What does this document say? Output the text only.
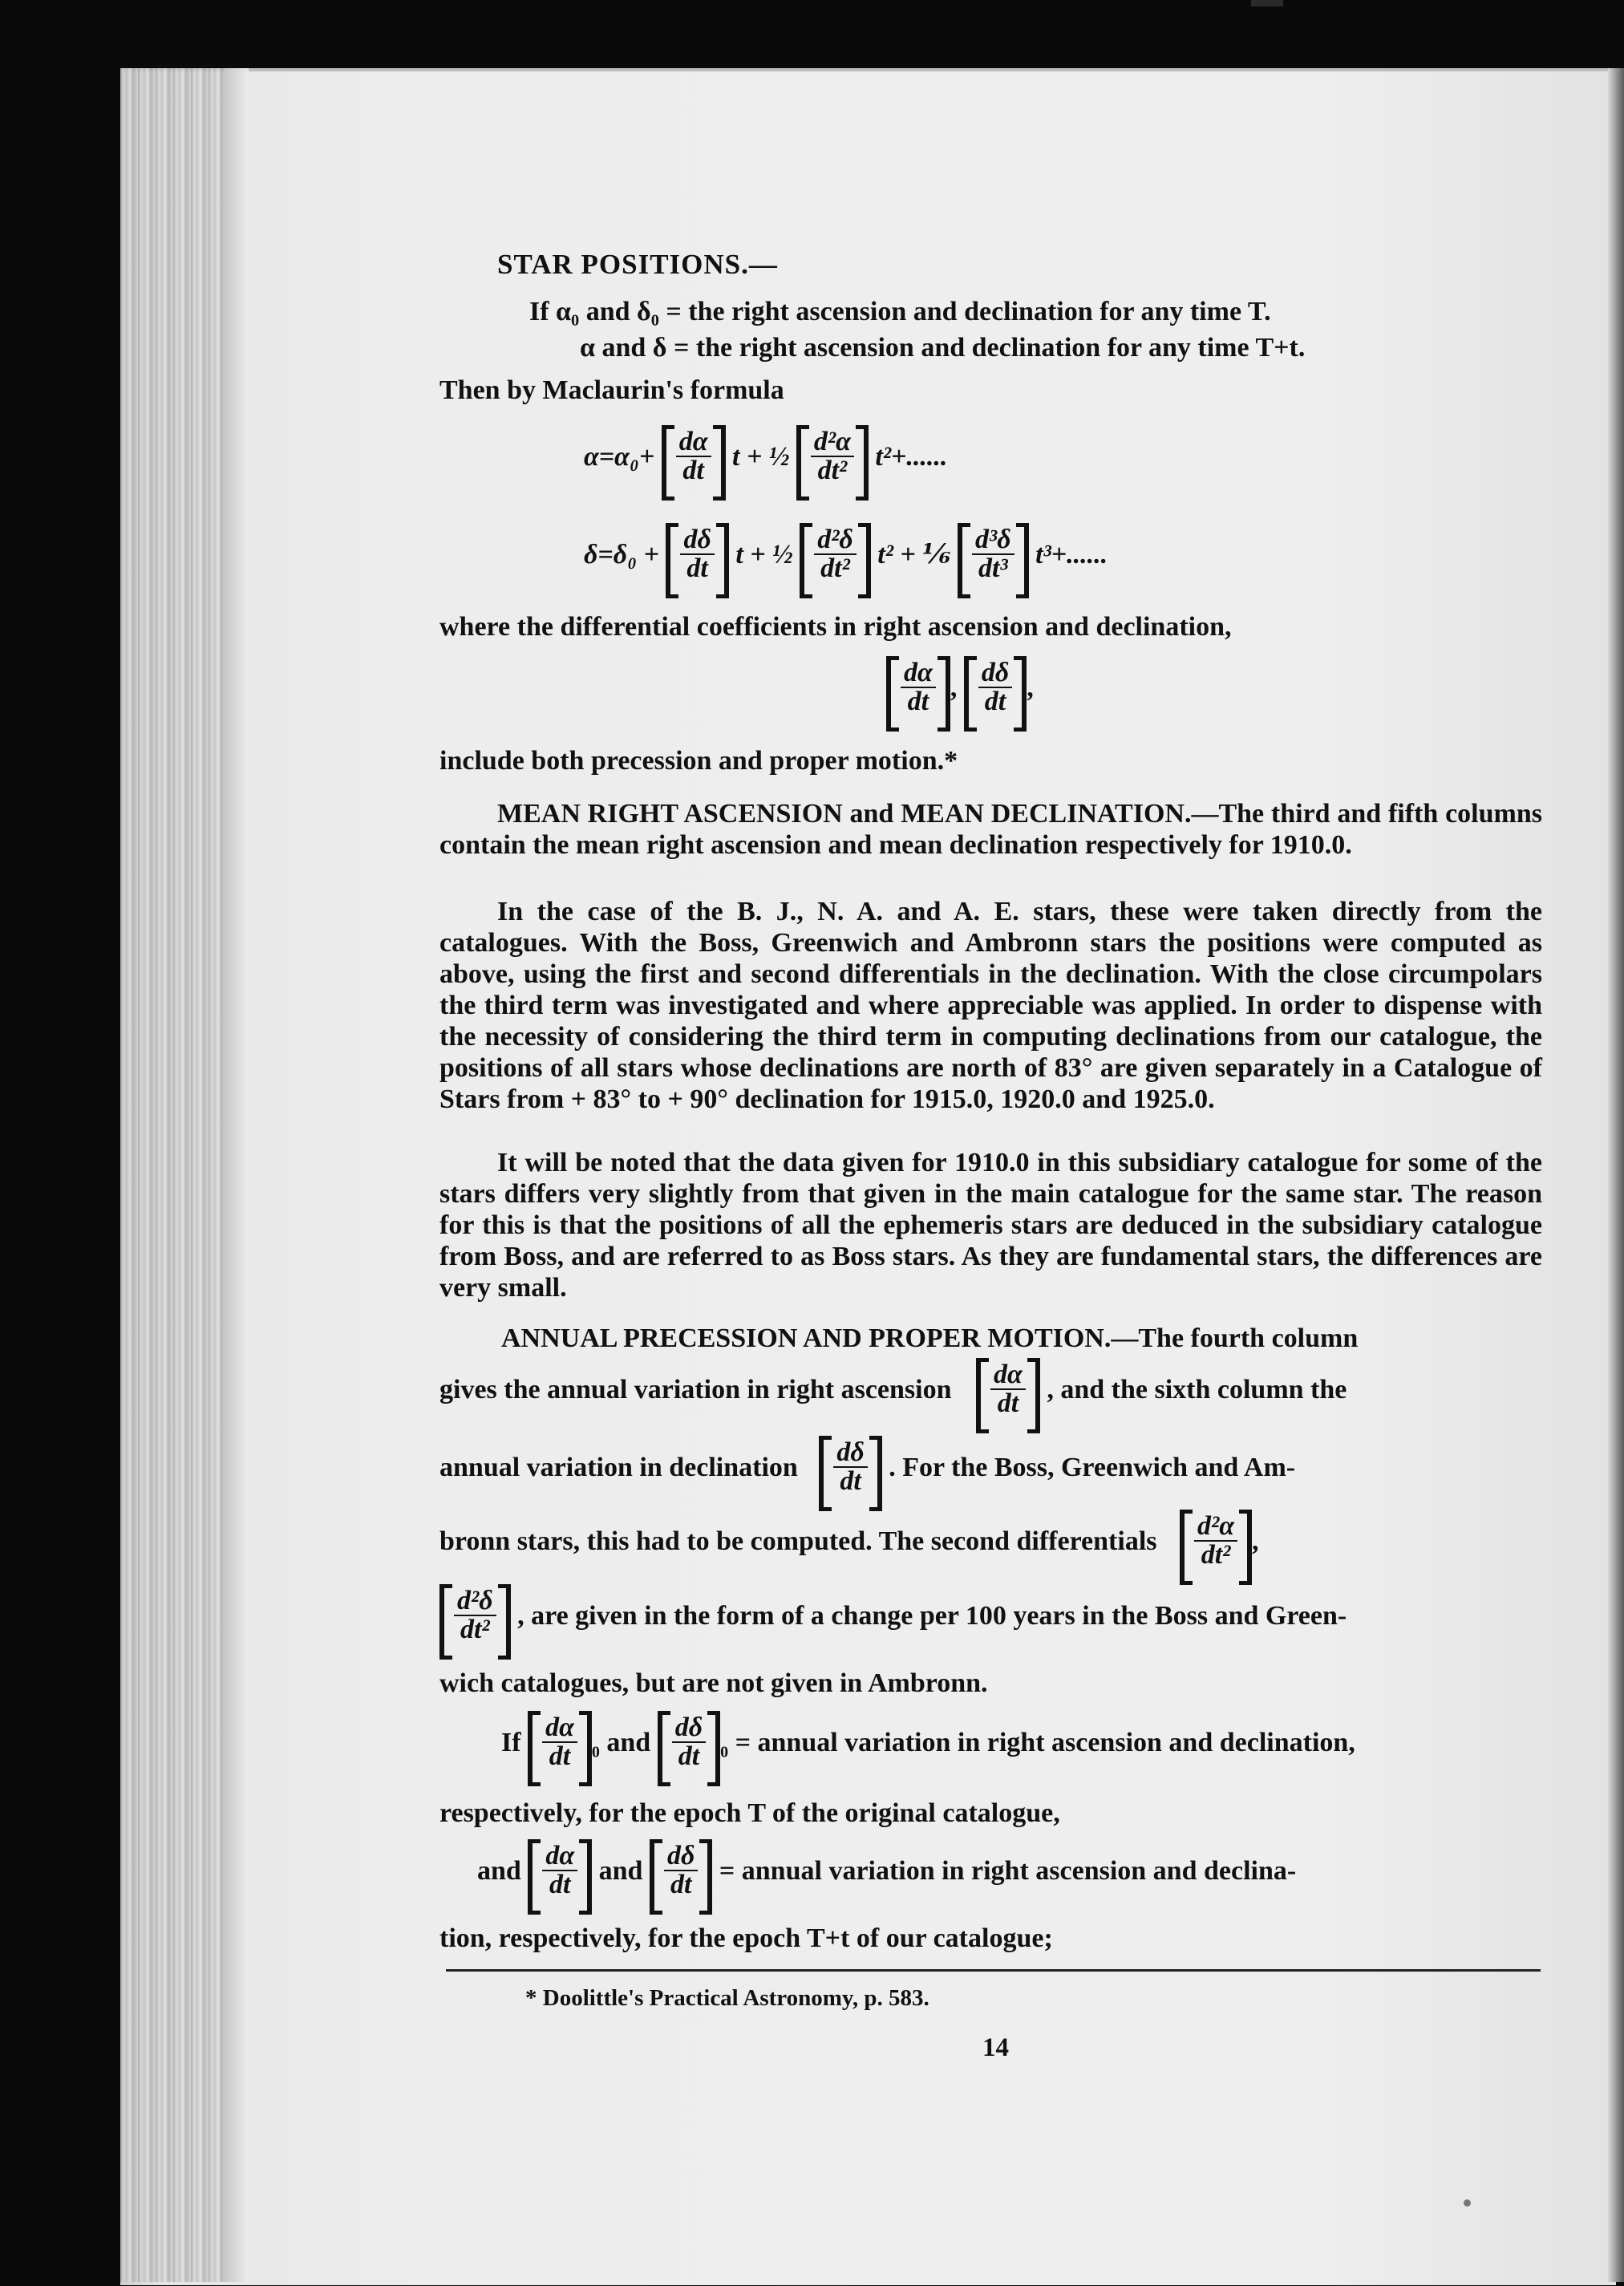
STAR POSITIONS.—
If α₀ and δ₀ = the right ascension and declination for any time T.
α and δ = the right ascension and declination for any time T+t.
Then by Maclaurin's formula
$\alpha=\alpha_0+ \frac{d\alpha}{dt}$ t + ½ $\frac{\text{d²α}}{\text{dt²}} t^2+$......
$\delta=\delta_0 + \frac{d\delta}{dt}$ t + ½ $\frac{\text{d²δ}}{\text{dt²}} t^2$ + ⅙ $\frac{\text{d³δ}}{\text{dt³}} t^3+$......
where the differential coefficients in right ascension and declination,
$\frac{d\alpha}{dt}$ , $\frac{d\delta}{dt}$ ,
include both precession and proper motion.*
MEAN RIGHT ASCENSION and MEAN DECLINATION.—The third and fifth columns contain the mean right ascension and mean declination respectively for 1910.0.
In the case of the B. J., N. A. and A. E. stars, these were taken directly from the catalogues. With the Boss, Greenwich and Ambronn stars the positions were computed as above, using the first and second differentials in the declination. With the close circumpolars the third term was investigated and where appreciable was applied. In order to dispense with the necessity of considering the third term in computing declinations from our catalogue, the positions of all stars whose declinations are north of 83° are given separately in a Catalogue of Stars from + 83° to + 90° declination for 1915.0, 1920.0 and 1925.0.
It will be noted that the data given for 1910.0 in this subsidiary catalogue for some of the stars differs very slightly from that given in the main catalogue for the same star. The reason for this is that the positions of all the ephemeris stars are deduced in the subsidiary catalogue from Boss, and are referred to as Boss stars. As they are fundamental stars, the differences are very small.
ANNUAL PRECESSION AND PROPER MOTION.—The fourth column
gives the annual variation in right ascension $\frac{d\alpha}{dt}$ , and the sixth column the
annual variation in declination $\frac{d\delta}{dt}$ . For the Boss, Greenwich and Am-
bronn stars, this had to be computed. The second differentials $\frac{\text{d²α}}{\text{dt²}}$ ,
$\frac{\text{d²δ}}{\text{dt²}}$ , are given in the form of a change per 100 years in the Boss and Green-
wich catalogues, but are not given in Ambronn.
If $\frac{d\alpha}{dt} _0$ and $\frac{d\delta}{dt} _0$ = annual variation in right ascension and declination,
respectively, for the epoch T of the original catalogue,
and $\frac{d\alpha}{dt}$ and $\frac{d\delta}{dt}$ = annual variation in right ascension and declina-
tion, respectively, for the epoch T+t of our catalogue;
* Doolittle's Practical Astronomy, p. 583.
14
